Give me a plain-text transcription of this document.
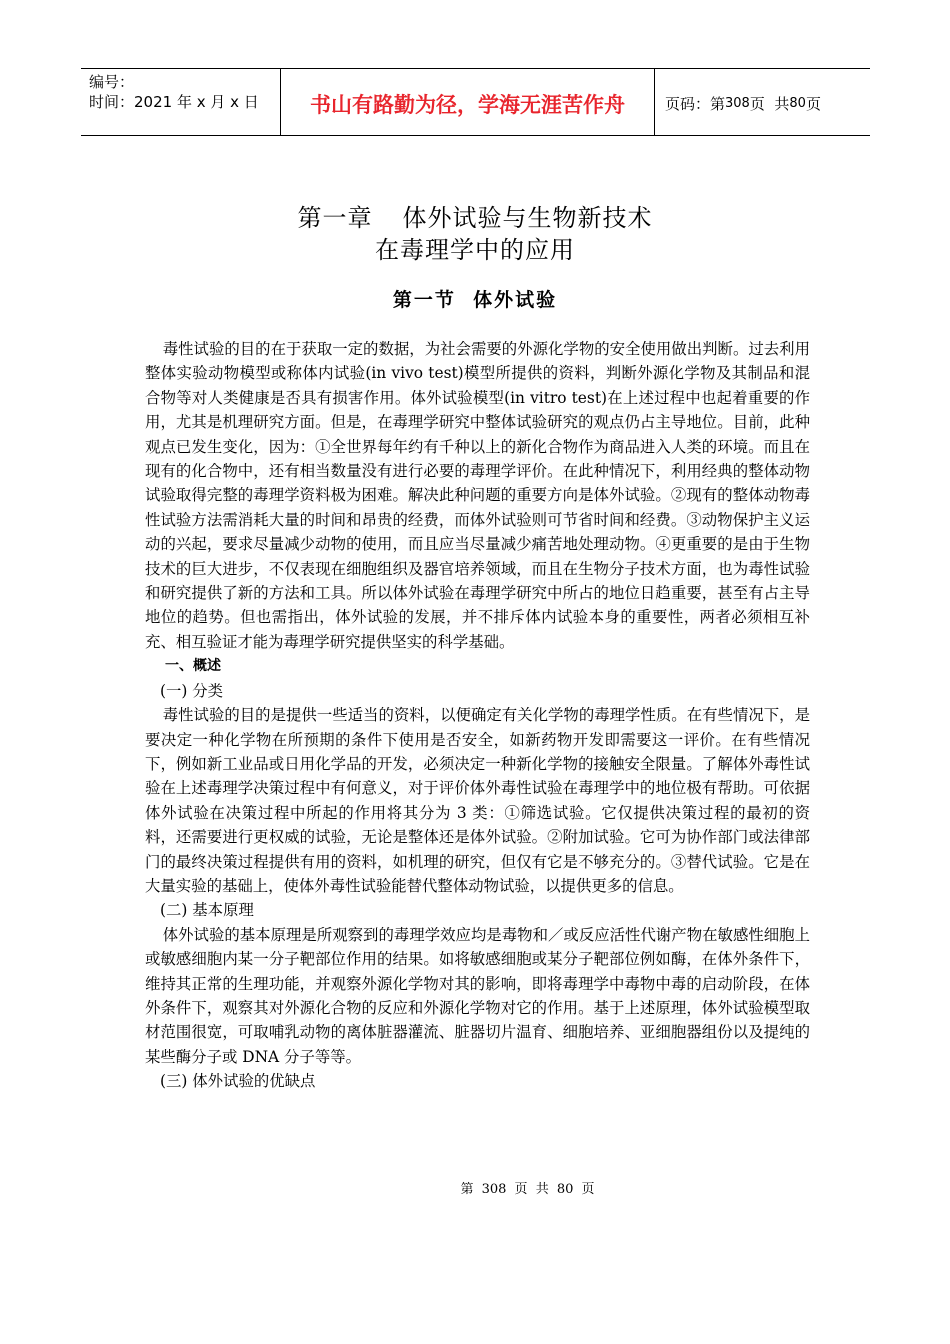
编号：
时间：2021 年 x 月 x 日	书山有路勤为径，学海无涯苦作舟	页码：第 308 页  共 80 页
第一章 体外试验与生物新技术
在毒理学中的应用
第一节  体外试验

毒性试验的目的在于获取一定的数据，为社会需要的外源化学物的安全使用做出判断。过去利用整体实验动物模型或称体内试验(in vivo test)模型所提供的资料，判断外源化学物及其制品和混合物等对人类健康是否具有损害作用。体外试验模型(in vitro test)在上述过程中也起着重要的作用，尤其是机理研究方面。但是，在毒理学研究中整体试验研究的观点仍占主导地位。目前，此种观点已发生变化，因为：①全世界每年约有千种以上的新化合物作为商品进入人类的环境。而且在现有的化合物中，还有相当数量没有进行必要的毒理学评价。在此种情况下，利用经典的整体动物试验取得完整的毒理学资料极为困难。解决此种问题的重要方向是体外试验。②现有的整体动物毒性试验方法需消耗大量的时间和昂贵的经费，而体外试验则可节省时间和经费。③动物保护主义运动的兴起，要求尽量减少动物的使用，而且应当尽量减少痛苦地处理动物。④更重要的是由于生物技术的巨大进步，不仅表现在细胞组织及器官培养领域，而且在生物分子技术方面，也为毒性试验和研究提供了新的方法和工具。所以体外试验在毒理学研究中所占的地位日趋重要，甚至有占主导地位的趋势。但也需指出，体外试验的发展，并不排斥体内试验本身的重要性，两者必须相互补充、相互验证才能为毒理学研究提供坚实的科学基础。

一、概述

(一) 分类

毒性试验的目的是提供一些适当的资料，以便确定有关化学物的毒理学性质。在有些情况下，是要决定一种化学物在所预期的条件下使用是否安全，如新药物开发即需要这一评价。在有些情况下，例如新工业品或日用化学品的开发，必须决定一种新化学物的接触安全限量。了解体外毒性试验在上述毒理学决策过程中有何意义，对于评价体外毒性试验在毒理学中的地位极有帮助。可依据体外试验在决策过程中所起的作用将其分为 3 类：①筛选试验。它仅提供决策过程的最初的资料，还需要进行更权威的试验，无论是整体还是体外试验。②附加试验。它可为协作部门或法律部门的最终决策过程提供有用的资料，如机理的研究，但仅有它是不够充分的。③替代试验。它是在大量实验的基础上，使体外毒性试验能替代整体动物试验，以提供更多的信息。

(二) 基本原理

体外试验的基本原理是所观察到的毒理学效应均是毒物和／或反应活性代谢产物在敏感性细胞上或敏感细胞内某一分子靶部位作用的结果。如将敏感细胞或某分子靶部位例如酶，在体外条件下，维持其正常的生理功能，并观察外源化学物对其的影响，即将毒理学中毒物中毒的启动阶段，在体外条件下，观察其对外源化合物的反应和外源化学物对它的作用。基于上述原理，体外试验模型取材范围很宽，可取哺乳动物的离体脏器灌流、脏器切片温育、细胞培养、亚细胞器组份以及提纯的某些酶分子或 DNA 分子等等。

(三) 体外试验的优缺点

第 308 页 共 80 页
